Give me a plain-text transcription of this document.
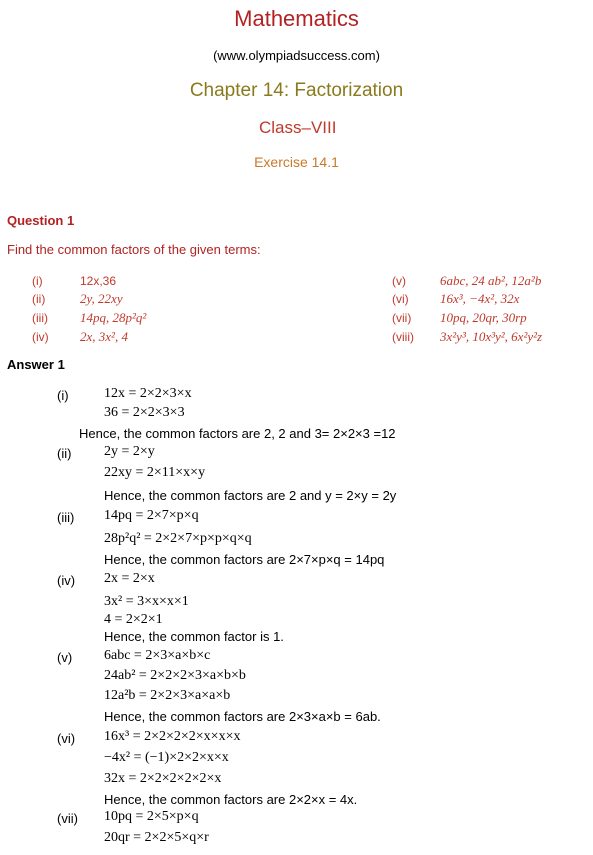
Mathematics
(www.olympiadsuccess.com)
Chapter 14: Factorization
Class–VIII
Exercise 14.1
Question 1
Find the common factors of the given terms:
(i)	12x,36
(ii)	2y, 22xy
(iii) 14pq, 28p²q²
(iv) 2x, 3x², 4
(v)	6abc, 24 ab², 12a²b
(vi) 16x³, −4x², 32x
(vii) 10pq, 20qr, 30rp
(viii) 3x²y³, 10x³y², 6x²y²z
Answer 1
(i)	12x = 2×2×3×x
36 = 2×2×3×3
Hence, the common factors are 2, 2 and 3= 2×2×3 =12
(ii) 2y = 2×y
22xy = 2×11×x×y
Hence, the common factors are 2 and y = 2×y = 2y
(iii) 14pq = 2×7×p×q
28p²q² = 2×2×7×p×p×q×q
Hence, the common factors are 2×7×p×q = 14pq
(iv) 2x = 2×x
3x² = 3×x×x×1
4 = 2×2×1
Hence, the common factor is 1.
(v) 6abc = 2×3×a×b×c
24ab² = 2×2×2×3×a×b×b
12a²b = 2×2×3×a×a×b
Hence, the common factors are 2×3×a×b = 6ab.
(vi) 16x³ = 2×2×2×2×x×x×x
−4x² = (−1)×2×2×x×x
32x = 2×2×2×2×2×x
Hence, the common factors are 2×2×x = 4x.
(vii) 10pq = 2×5×p×q
20qr = 2×2×5×q×r
